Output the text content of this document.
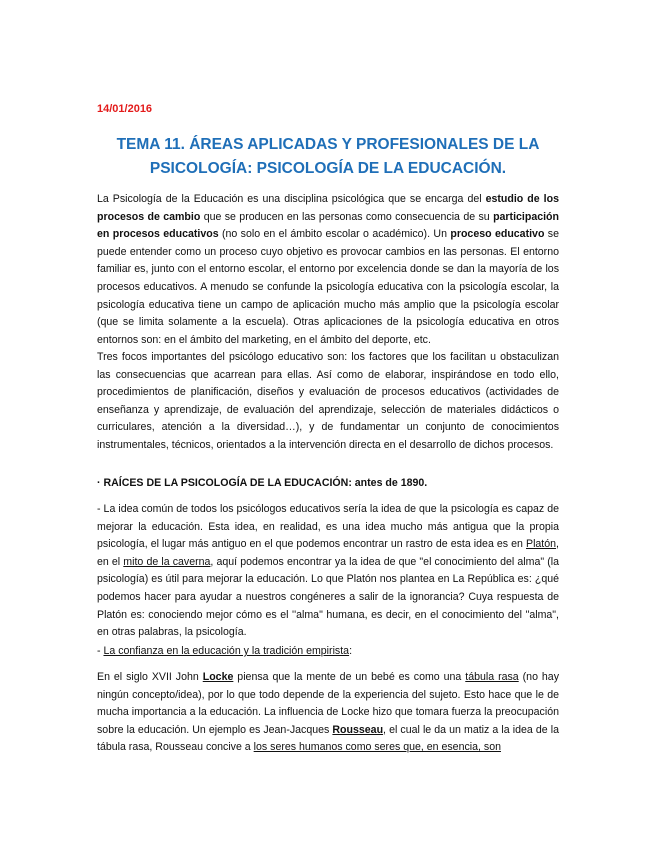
14/01/2016
TEMA 11. ÁREAS APLICADAS Y PROFESIONALES DE LA
PSICOLOGÍA: PSICOLOGÍA DE LA EDUCACIÓN.

La Psicología de la Educación es una disciplina psicológica que se encarga del estudio de los procesos de cambio que se producen en las personas como consecuencia de su participación en procesos educativos (no solo en el ámbito escolar o académico). Un proceso educativo se puede entender como un proceso cuyo objetivo es provocar cambios en las personas. El entorno familiar es, junto con el entorno escolar, el entorno por excelencia donde se dan la mayoría de los procesos educativos. A menudo se confunde la psicología educativa con la psicología escolar, la psicología educativa tiene un campo de aplicación mucho más amplio que la psicología escolar (que se limita solamente a la escuela). Otras aplicaciones de la psicología educativa en otros entornos son: en el ámbito del marketing, en el ámbito del deporte, etc.

Tres focos importantes del psicólogo educativo son: los factores que los facilitan u obstaculizan las consecuencias que acarrean para ellas. Así como de elaborar, inspirándose en todo ello, procedimientos de planificación, diseños y evaluación de procesos educativos (actividades de enseñanza y aprendizaje, de evaluación del aprendizaje, selección de materiales didácticos o curriculares, atención a la diversidad…), y de fundamentar un conjunto de conocimientos instrumentales, técnicos, orientados a la intervención directa en el desarrollo de dichos procesos.

· RAÍCES DE LA PSICOLOGÍA DE LA EDUCACIÓN: antes de 1890.

- La idea común de todos los psicólogos educativos sería la idea de que la psicología es capaz de mejorar la educación. Esta idea, en realidad, es una idea mucho más antigua que la propia psicología, el lugar más antiguo en el que podemos encontrar un rastro de esta idea es en Platón, en el mito de la caverna, aquí podemos encontrar ya la idea de que "el conocimiento del alma" (la psicología) es útil para mejorar la educación. Lo que Platón nos plantea en La República es: ¿qué podemos hacer para ayudar a nuestros congéneres a salir de la ignorancia? Cuya respuesta de Platón es: conociendo mejor cómo es el ''alma" humana, es decir, en el conocimiento del "alma", en otras palabras, la psicología.

- La confianza en la educación y la tradición empirista:

En el siglo XVII John Locke piensa que la mente de un bebé es como una tábula rasa (no hay ningún concepto/idea), por lo que todo depende de la experiencia del sujeto. Esto hace que le de mucha importancia a la educación. La influencia de Locke hizo que tomara fuerza la preocupación sobre la educación. Un ejemplo es Jean-Jacques Rousseau, el cual le da un matiz a la idea de la tábula rasa, Rousseau concive a los seres humanos como seres que, en esencia, son
